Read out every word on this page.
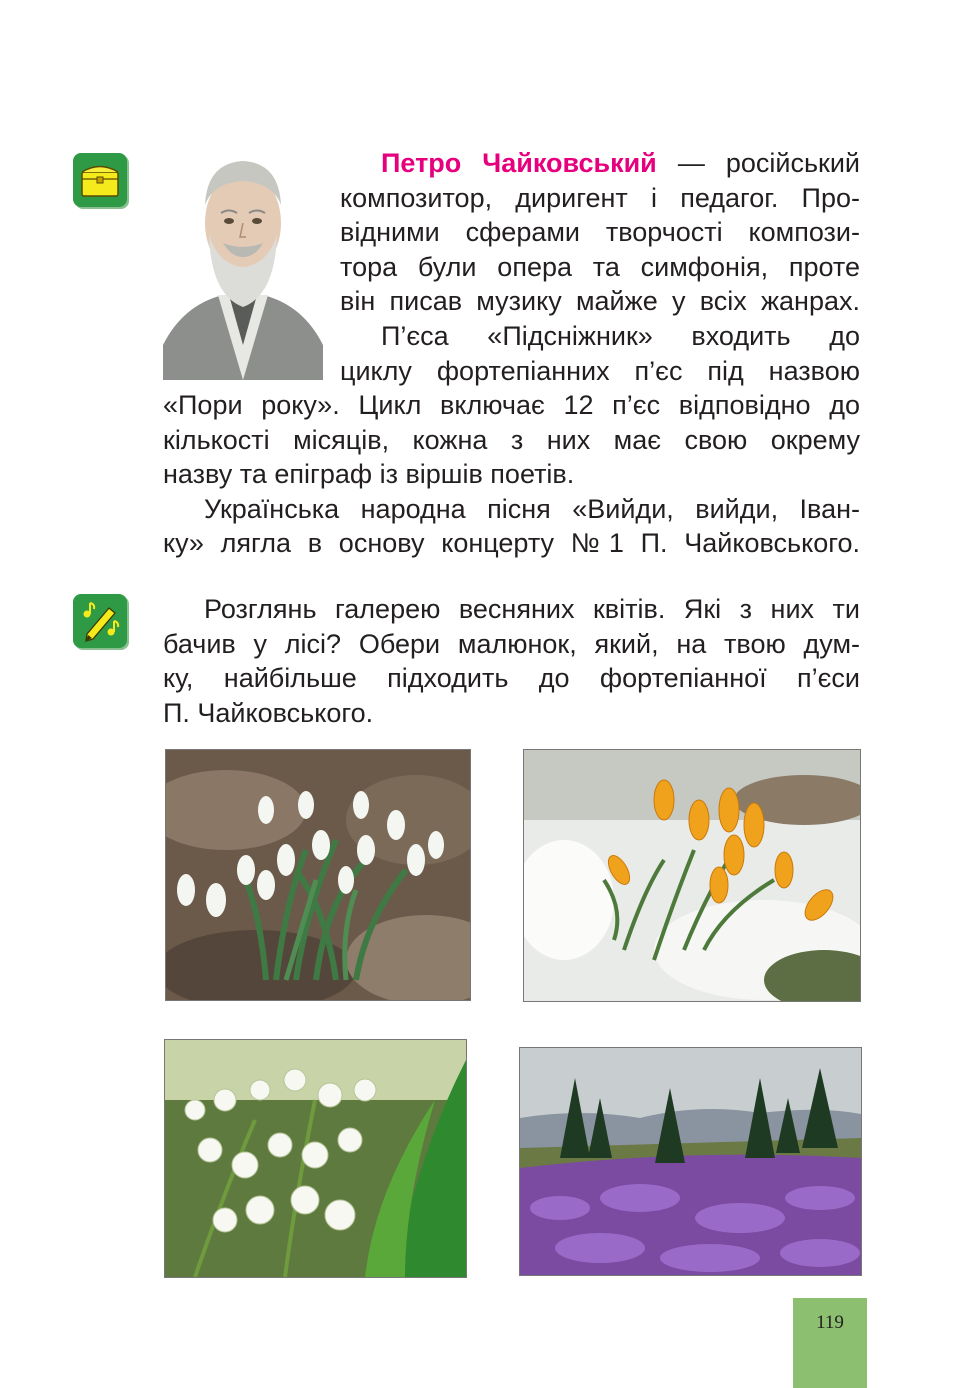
Петро Чайковський — російський
композитор, диригент і педагог. Про-
відними сферами творчості компози-
тора були опера та симфонія, проте
він писав музику майже у всіх жанрах.
П’єса «Підсніжник» входить до
циклу фортепіанних п’єс під назвою
«Пори року». Цикл включає 12 п’єс відповідно до
кількості місяців, кожна з них має свою окрему
назву та епіграф із віршів поетів.
Українська народна пісня «Вийди, вийди, Іван-
ку» лягла в основу концерту №1 П. Чайковського.
Розглянь галерею весняних квітів. Які з них ти
бачив у лісі? Обери малюнок, який, на твою дум-
ку, найбільше підходить до фортепіанної п’єси
П. Чайковського.
119
